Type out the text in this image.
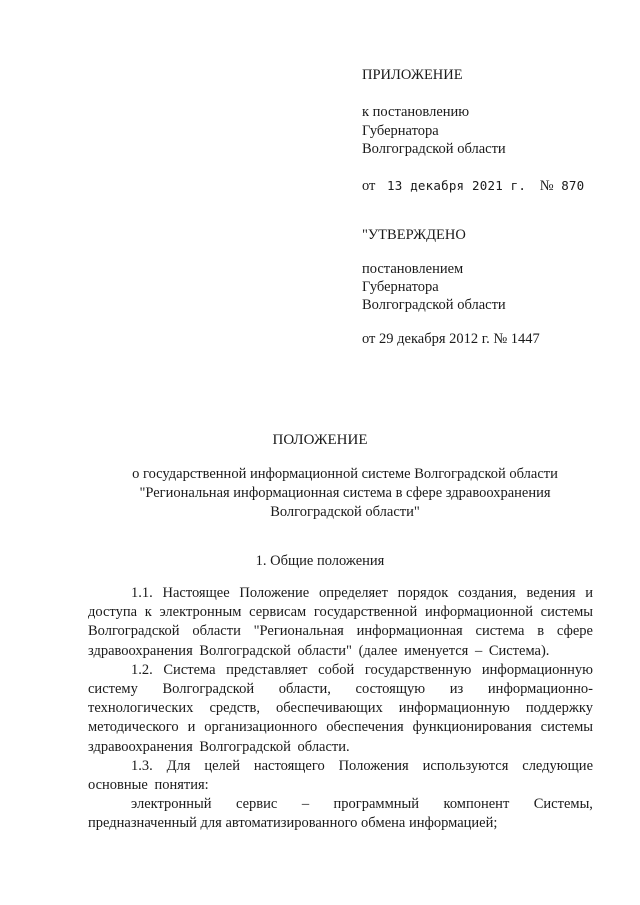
ПРИЛОЖЕНИЕ
к постановлению
Губернатора
Волгоградской области
от 13 декабря 2021 г. № 870
"УТВЕРЖДЕНО
постановлением
Губернатора
Волгоградской области
от 29 декабря 2012 г. № 1447
ПОЛОЖЕНИЕ
о государственной информационной системе Волгоградской области
"Региональная информационная система в сфере здравоохранения
Волгоградской области"
1. Общие положения

1.1. Настоящее Положение определяет порядок создания, ведения и доступа к электронным сервисам государственной информационной системы Волгоградской области "Региональная информационная система в сфере здравоохранения Волгоградской области" (далее именуется – Система).

1.2. Система представляет собой государственную информационную систему Волгоградской области, состоящую из информационно-технологических средств, обеспечивающих информационную поддержку методического и организационного обеспечения функционирования системы здравоохранения Волгоградской области.

1.3. Для целей настоящего Положения используются следующие основные понятия:

электронный сервис – программный компонент Системы,

предназначенный для автоматизированного обмена информацией;
